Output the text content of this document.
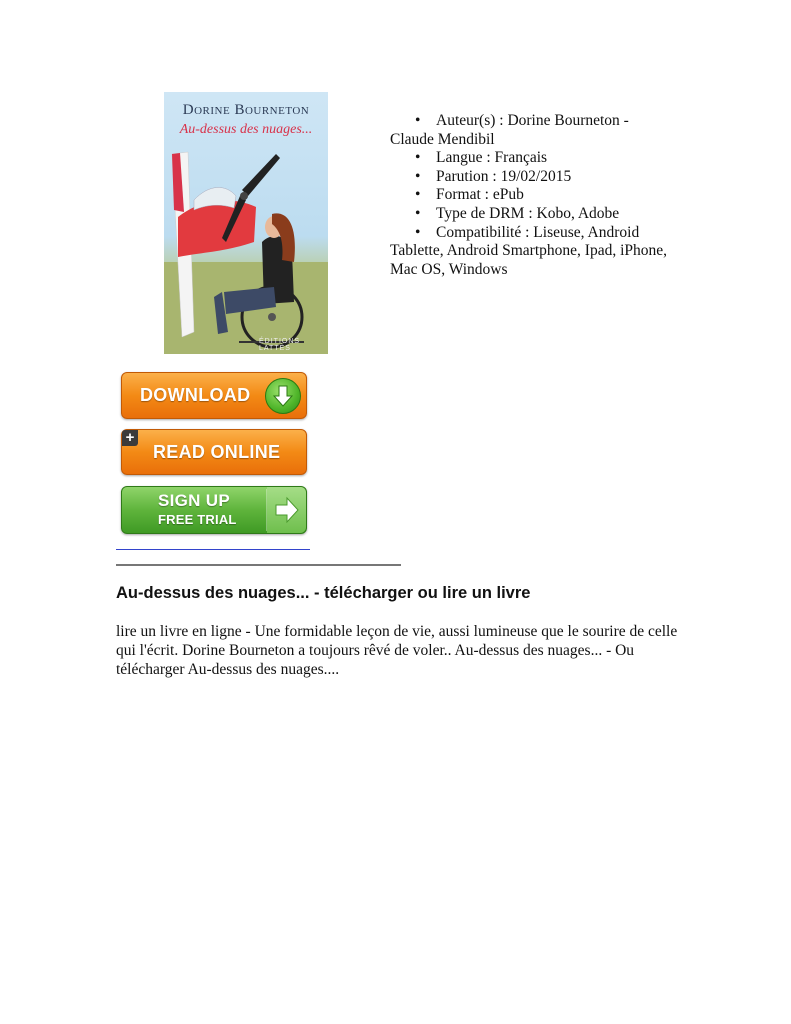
Dorine Bourneton
Au-dessus des nuages...
ÉDITIONS LATTÈS
• Auteur(s) : Dorine Bourneton -
Claude Mendibil
• Langue : Français
• Parution : 19/02/2015
• Format : ePub
• Type de DRM : Kobo, Adobe
• Compatibilité : Liseuse, Android
Tablette, Android Smartphone, Ipad, iPhone, Mac OS, Windows
DOWNLOAD
+
READ ONLINE
SIGN UP
FREE TRIAL
Au-dessus des nuages... - télécharger ou lire un livre
lire un livre en ligne - Une formidable leçon de vie, aussi lumineuse que le sourire de celle qui l'écrit. Dorine Bourneton a toujours rêvé de voler.. Au-dessus des nuages... - Ou télécharger Au-dessus des nuages....
